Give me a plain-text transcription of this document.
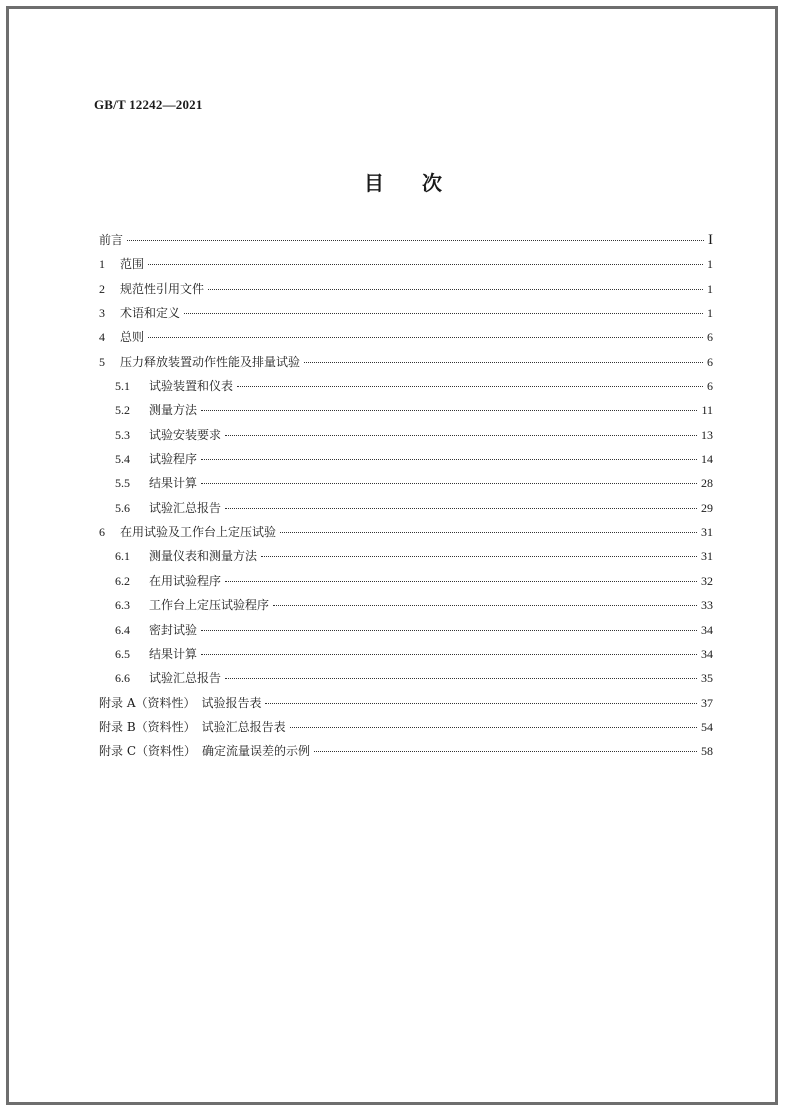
GB/T 12242—2021
目次
前言	I
1	范围	1
2	规范性引用文件	1
3	术语和定义	1
4	总则	6
5	压力释放装置动作性能及排量试验	6
5.1	试验装置和仪表	6
5.2	测量方法	11
5.3	试验安装要求	13
5.4	试验程序	14
5.5	结果计算	28
5.6	试验汇总报告	29
6	在用试验及工作台上定压试验	31
6.1	测量仪表和测量方法	31
6.2	在用试验程序	32
6.3	工作台上定压试验程序	33
6.4	密封试验	34
6.5	结果计算	34
6.6	试验汇总报告	35
附录 A（资料性）　试验报告表	37
附录 B（资料性）　试验汇总报告表	54
附录 C（资料性）　确定流量误差的示例	58
